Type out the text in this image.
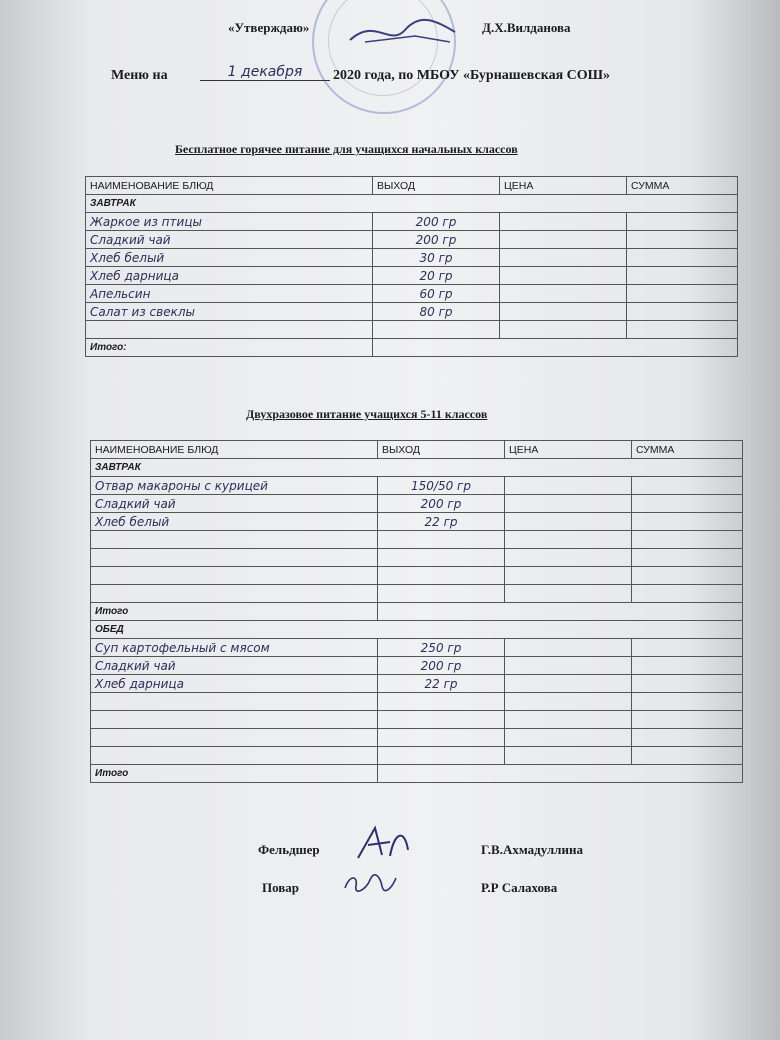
«Утверждаю»	Д.Х.Вилданова
Меню на	1 декабря	2020 года, по МБОУ «Бурнашевская СОШ»
Бесплатное горячее питание для учащихся начальных классов
НАИМЕНОВАНИЕ БЛЮД	ВЫХОД	ЦЕНА	СУММА
ЗАВТРАК			
Жаркое из птицы	200 гр		
Сладкий чай	200 гр		
Хлеб белый	30 гр		
Хлеб дарница	20 гр		
Апельсин	60 гр		
Салат из свеклы	80 гр		

Итого:			
Двухразовое питание учащихся 5-11 классов
НАИМЕНОВАНИЕ БЛЮД	ВЫХОД	ЦЕНА	СУММА
ЗАВТРАК			
Отвар макароны с курицей	150/50 гр		
Сладкий чай	200 гр		
Хлеб белый	22 гр		

Итого			
ОБЕД			
Суп картофельный с мясом	250 гр		
Сладкий чай	200 гр		
Хлеб дарница	22 гр		

Итого			
Фельдшер	Г.В.Ахмадуллина
Повар	Р.Р Салахова
